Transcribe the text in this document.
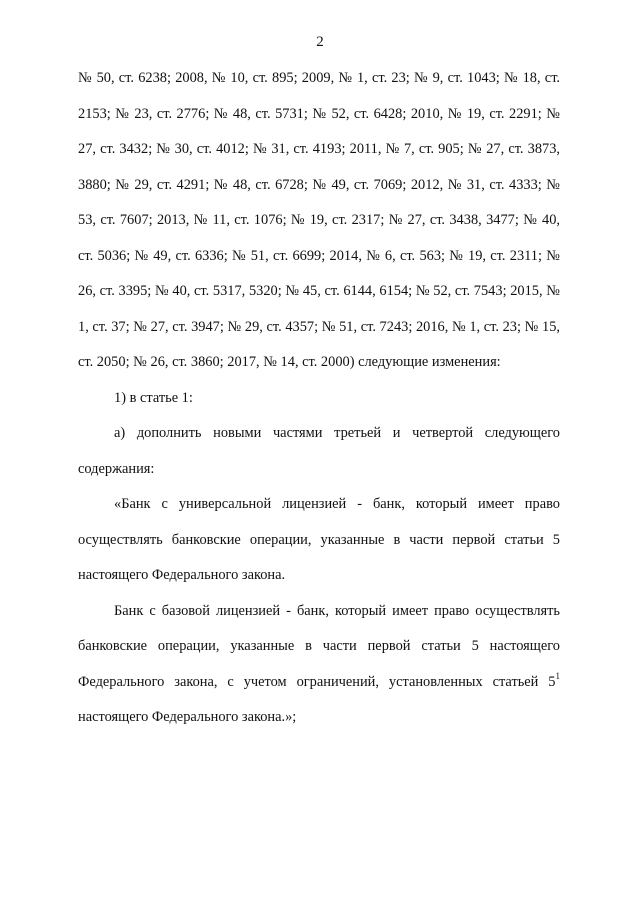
2

№ 50, ст. 6238; 2008, № 10, ст. 895; 2009, № 1, ст. 23; № 9, ст. 1043; № 18, ст. 2153; № 23, ст. 2776; № 48, ст. 5731; № 52, ст. 6428; 2010, № 19, ст. 2291; № 27, ст. 3432; № 30, ст. 4012; № 31, ст. 4193; 2011, № 7, ст. 905; № 27, ст. 3873, 3880; № 29, ст. 4291; № 48, ст. 6728; № 49, ст. 7069; 2012, № 31, ст. 4333; № 53, ст. 7607; 2013, № 11, ст. 1076; № 19, ст. 2317; № 27, ст. 3438, 3477; № 40, ст. 5036; № 49, ст. 6336; № 51, ст. 6699; 2014, № 6, ст. 563; № 19, ст. 2311; № 26, ст. 3395; № 40, ст. 5317, 5320; № 45, ст. 6144, 6154; № 52, ст. 7543; 2015, № 1, ст. 37; № 27, ст. 3947; № 29, ст. 4357; № 51, ст. 7243; 2016, № 1, ст. 23; № 15, ст. 2050; № 26, ст. 3860; 2017, № 14, ст. 2000) следующие изменения:

1) в статье 1:

а) дополнить новыми частями третьей и четвертой следующего содержания:

«Банк с универсальной лицензией - банк, который имеет право осуществлять банковские операции, указанные в части первой статьи 5 настоящего Федерального закона.

Банк с базовой лицензией - банк, который имеет право осуществлять банковские операции, указанные в части первой статьи 5 настоящего Федерального закона, с учетом ограничений, установленных статьей $5^1$ настоящего Федерального закона.»;
